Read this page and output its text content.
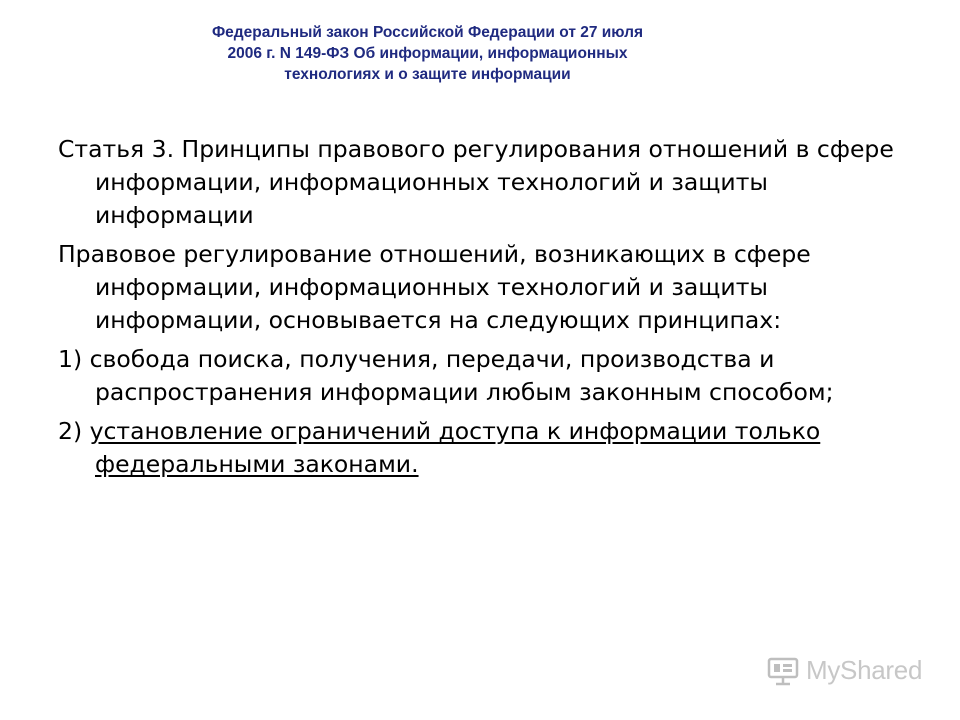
Федеральный закон Российской Федерации от 27 июля 2006 г. N 149-ФЗ Об информации, информационных технологиях и о защите информации

Статья 3. Принципы правового регулирования отношений в сфере информации, информационных технологий и защиты информации

Правовое регулирование отношений, возникающих в сфере информации, информационных технологий и защиты информации, основывается на следующих принципах:

1) свобода поиска, получения, передачи, производства и распространения информации любым законным способом;

2) установление ограничений доступа к информации только федеральными законами.

MyShared
